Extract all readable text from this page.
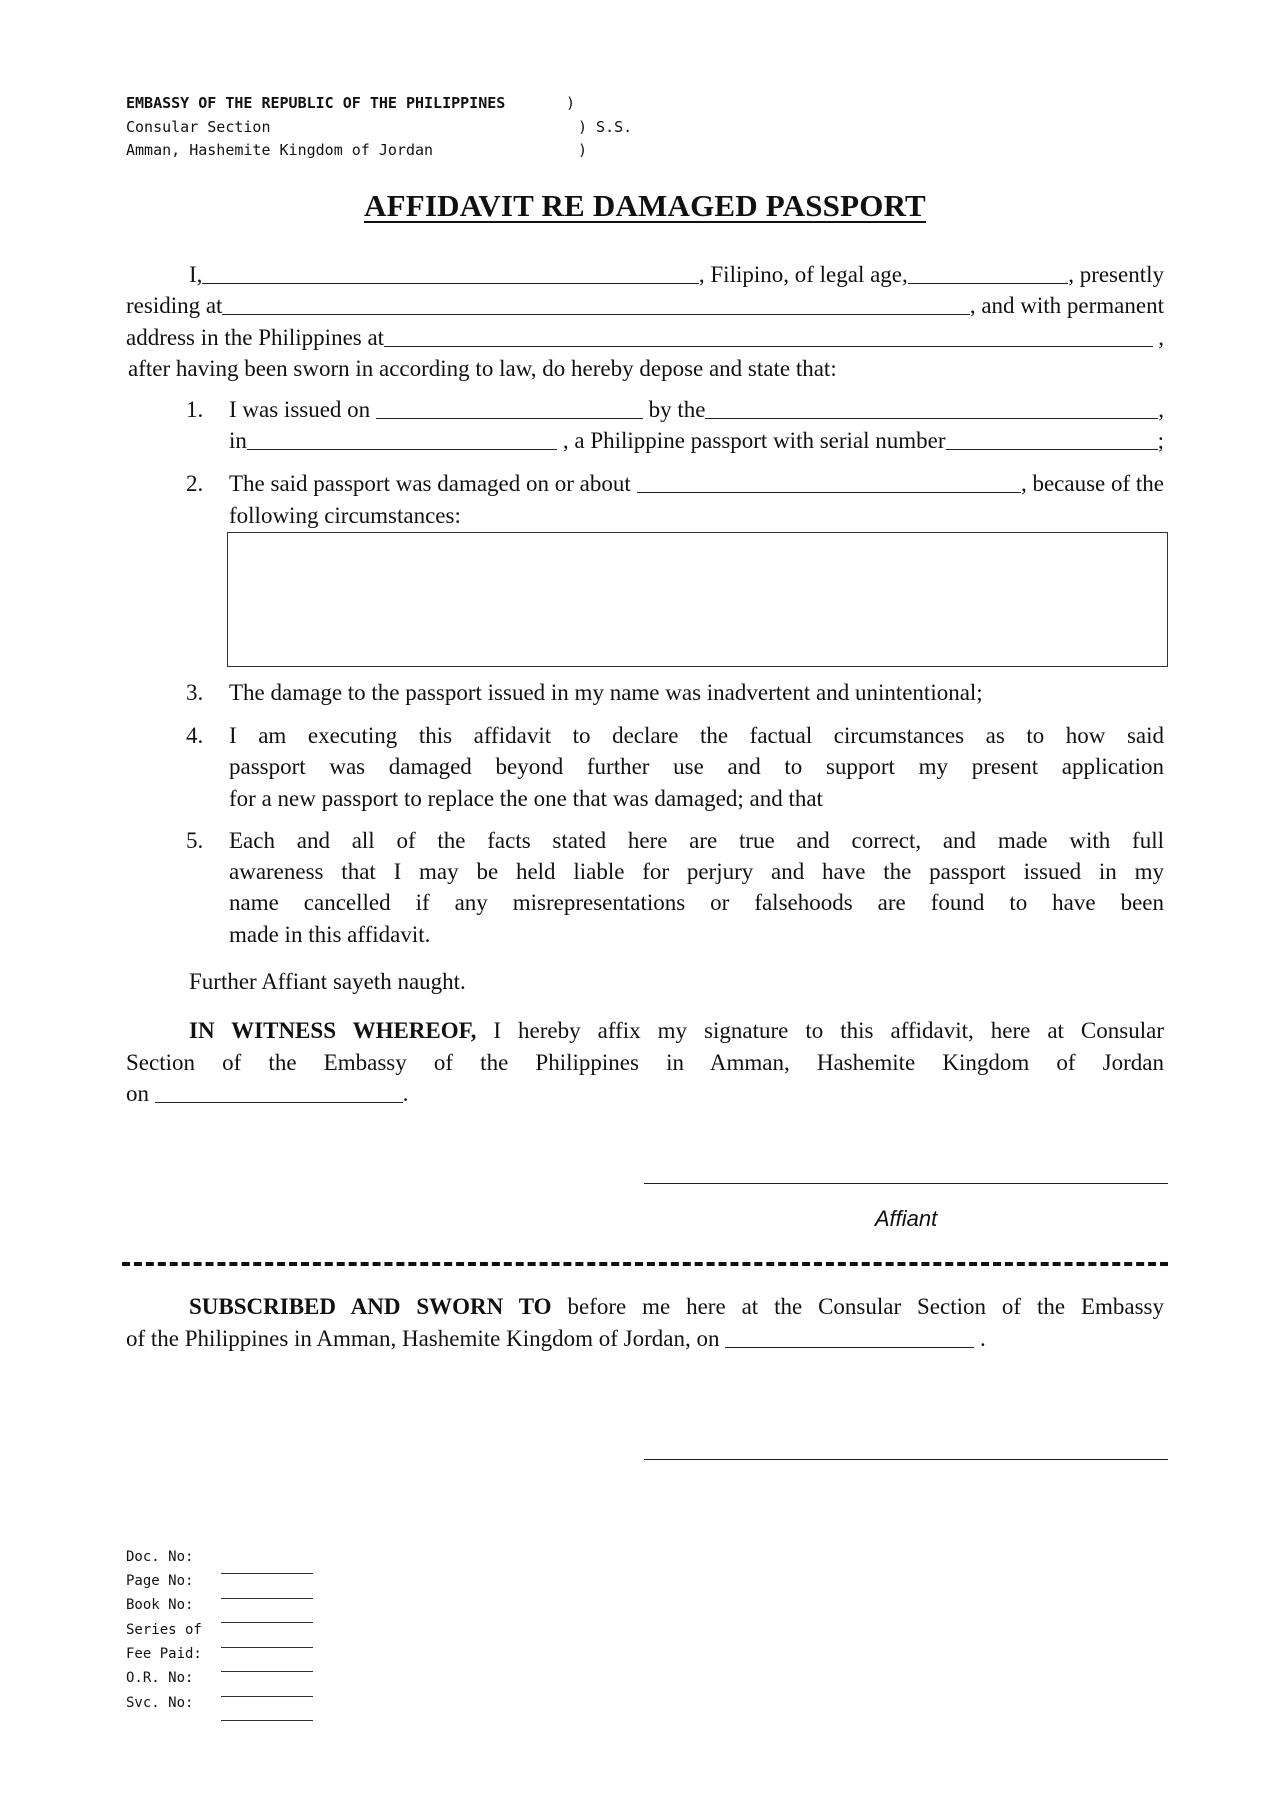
EMBASSY OF THE REPUBLIC OF THE PHILIPPINES	)
Consular Section	) S.S.
Amman, Hashemite Kingdom of Jordan	)
AFFIDAVIT RE DAMAGED PASSPORT
I,	, Filipino, of legal age,	, presently
residing at	, and with permanent
address in the Philippines at	,
after having been sworn in according to law, do hereby depose and state that:
1. I was issued on	by the	,
in	, a Philippine passport with serial number	;
2. The said passport was damaged on or about	, because of the
following circumstances:
3. The damage to the passport issued in my name was inadvertent and unintentional;
4. I am executing this affidavit to declare the factual circumstances as to how said
passport was damaged beyond further use and to support my present application
for a new passport to replace the one that was damaged; and that
5. Each and all of the facts stated here are true and correct, and made with full
awareness that I may be held liable for perjury and have the passport issued in my
name cancelled if any misrepresentations or falsehoods are found to have been
made in this affidavit.
Further Affiant sayeth naught.
IN WITNESS WHEREOF, I hereby affix my signature to this affidavit, here at Consular
Section of the Embassy of the Philippines in Amman, Hashemite Kingdom of Jordan
on	.
Affiant
SUBSCRIBED AND SWORN TO before me here at the Consular Section of the Embassy
of the Philippines in Amman, Hashemite Kingdom of Jordan, on	.
Doc. No:
Page No:
Book No:
Series of
Fee Paid:
O.R. No:
Svc. No:
